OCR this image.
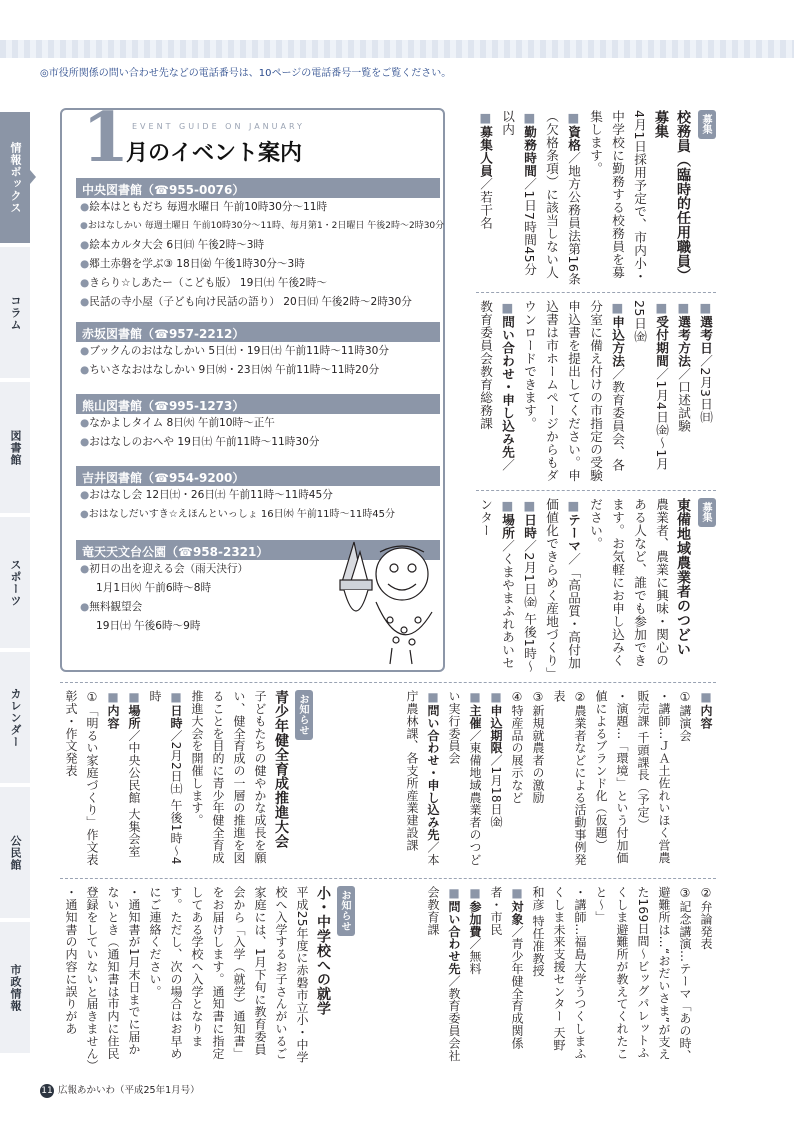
◎市役所関係の問い合わせ先などの電話番号は、10ページの電話番号一覧をご覧ください。
情報ボックス
コラム
図書館
スポーツ
カレンダー
公民館
市政情報
1 EVENT GUIDE ON JANUARY
月のイベント案内
中央図書館（☎955-0076）
●絵本はともだち 毎週水曜日 午前10時30分～11時
●おはなしかい 毎週土曜日 午前10時30分～11時、毎月第1・2日曜日 午後2時～2時30分
●絵本カルタ大会 6日㈰ 午後2時～3時
●郷土赤磐を学ぶ③ 18日㈮ 午後1時30分～3時
●きらり☆しあたー（こども版） 19日㈯ 午後2時～
●民話の寺小屋（子ども向け民話の語り） 20日㈰ 午後2時～2時30分
赤坂図書館（☎957-2212）
●ブックんのおはなしかい 5日㈯・19日㈯ 午前11時～11時30分
●ちいさなおはなしかい 9日㈬・23日㈬ 午前11時～11時20分
熊山図書館（☎995-1273）
●なかよしタイム 8日㈫ 午前10時～正午
●おはなしのおへや 19日㈯ 午前11時～11時30分
吉井図書館（☎954-9200）
●おはなし会 12日㈯・26日㈯ 午前11時～11時45分
●おはなしだいすき☆えほんといっしょ 16日㈬ 午前11時～11時45分
竜天天文台公園（☎958-2321）
●初日の出を迎える会（雨天決行）
1月1日㈫ 午前6時～8時
●無料観望会
19日㈯ 午後6時～9時

募集

校務員（臨時的任用職員）募集

4月1日採用予定で、市内小・中学校に勤務する校務員を募集します。

■資格／地方公務員法第16条（欠格条項）に該当しない人

■勤務時間／1日7時間45分以内

■募集人員／若干名

■選考日／2月3日㈰

■選考方法／口述試験

■受付期間／1月4日㈮～1月25日㈮

■申込方法／教育委員会、各分室に備え付けの市指定の受験申込書を提出してください。申込書は市ホームページからもダウンロードできます。

■問い合わせ・申し込み先／教育委員会教育総務課

募集

東備地域農業者のつどい

農業者、農業に興味・関心のある人など、誰でも参加できます。お気軽にお申し込みください。

■テーマ／「高品質・高付加価値化できらめく産地づくり」

■日時／2月1日㈮ 午後1時～

■場所／くまやまふれあいセンター

■内容

①講演会

・講師…ＪＡ土佐れいほく営農販売課 千頭課長（予定）

・演題…「環境」という付加価値によるブランド化（仮題）

②農業者などによる活動事例発表

③新規就農者の激励

④特産品の展示など

■申込期限／1月18日㈮

■主催／東備地域農業者のつどい実行委員会

■問い合わせ・申し込み先／本庁農林課、各支所産業建設課

お知らせ

青少年健全育成推進大会

子どもたちの健やかな成長を願い、健全育成の一層の推進を図ることを目的に青少年健全育成推進大会を開催します。

■日時／2月2日㈯ 午後1時～4時

■場所／中央公民館 大集会室

■内容

①「明るい家庭づくり」作文表彰式・作文発表

②弁論発表

③記念講演…テーマ「あの時、避難所は…“おだいさま”が支えた169日間～ビッグパレットふくしま避難所が教えてくれたこと～」

・講師…福島大学うつくしまふくしま未来支援センター 天野 和彦 特任准教授

■対象／青少年健全育成関係者・市民

■参加費／無料

■問い合わせ先／教育委員会社会教育課

お知らせ

小・中学校への就学

平成25年度に赤磐市立小・中学校へ入学するお子さんがいるご家庭には、1月下旬に教育委員会から「入学（就学）通知書」をお届けします。通知書に指定してある学校へ入学となります。ただし、次の場合はお早めにご連絡ください。

・通知書が1月末日までに届かないとき（通知書は市内に住民登録をしていないと届きません）

・通知書の内容に誤りがあ

11 広報あかいわ（平成25年1月号）
